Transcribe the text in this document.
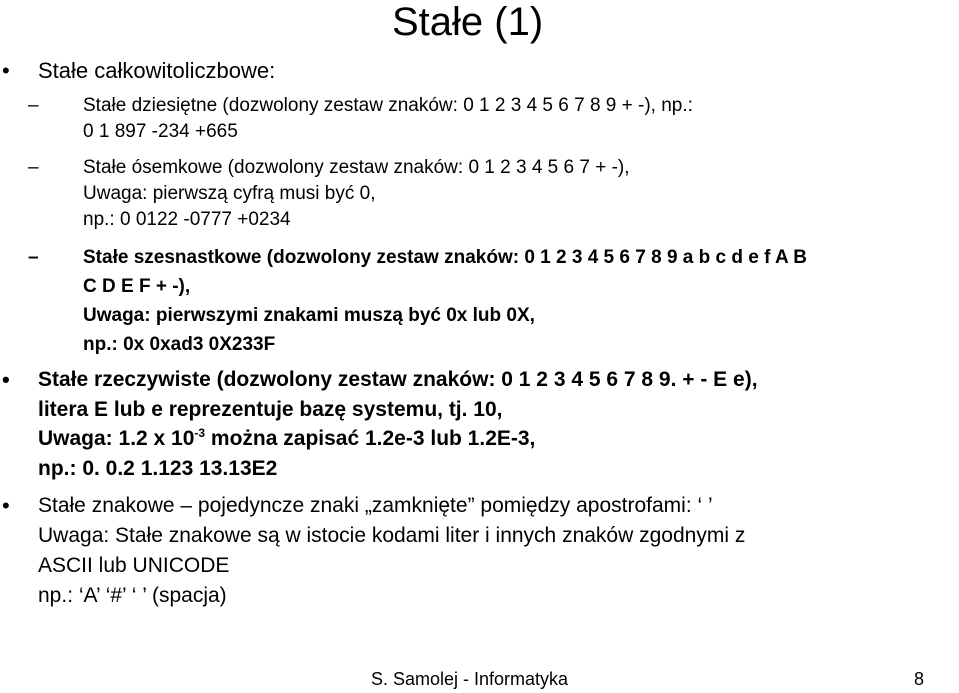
Stałe (1)
• Stałe całkowitoliczbowe:
– Stałe dziesiętne (dozwolony zestaw znaków: 0 1 2 3 4 5 6 7 8 9 + -), np.:
0 1 897 -234 +665
– Stałe ósemkowe (dozwolony zestaw znaków: 0 1 2 3 4 5 6 7 + -),
Uwaga: pierwszą cyfrą musi być 0,
np.: 0 0122 -0777 +0234
– Stałe szesnastkowe (dozwolony zestaw znaków: 0 1 2 3 4 5 6 7 8 9 a b c d e f A B
C D E F + -),
Uwaga: pierwszymi znakami muszą być 0x lub 0X,
np.: 0x 0xad3 0X233F
• Stałe rzeczywiste (dozwolony zestaw znaków: 0 1 2 3 4 5 6 7 8 9. + - E e),
litera E lub e reprezentuje bazę systemu, tj. 10,
Uwaga: 1.2 x $10^{-3}$ można zapisać 1.2e-3 lub 1.2E-3,
np.: 0. 0.2 1.123 13.13E2
• Stałe znakowe – pojedyncze znaki „zamknięte” pomiędzy apostrofami: ‘ ’
Uwaga: Stałe znakowe są w istocie kodami liter i innych znaków zgodnymi z
ASCII lub UNICODE
np.: ‘A’ ‘#’ ‘ ’ (spacja)
S. Samolej - Informatyka	8
